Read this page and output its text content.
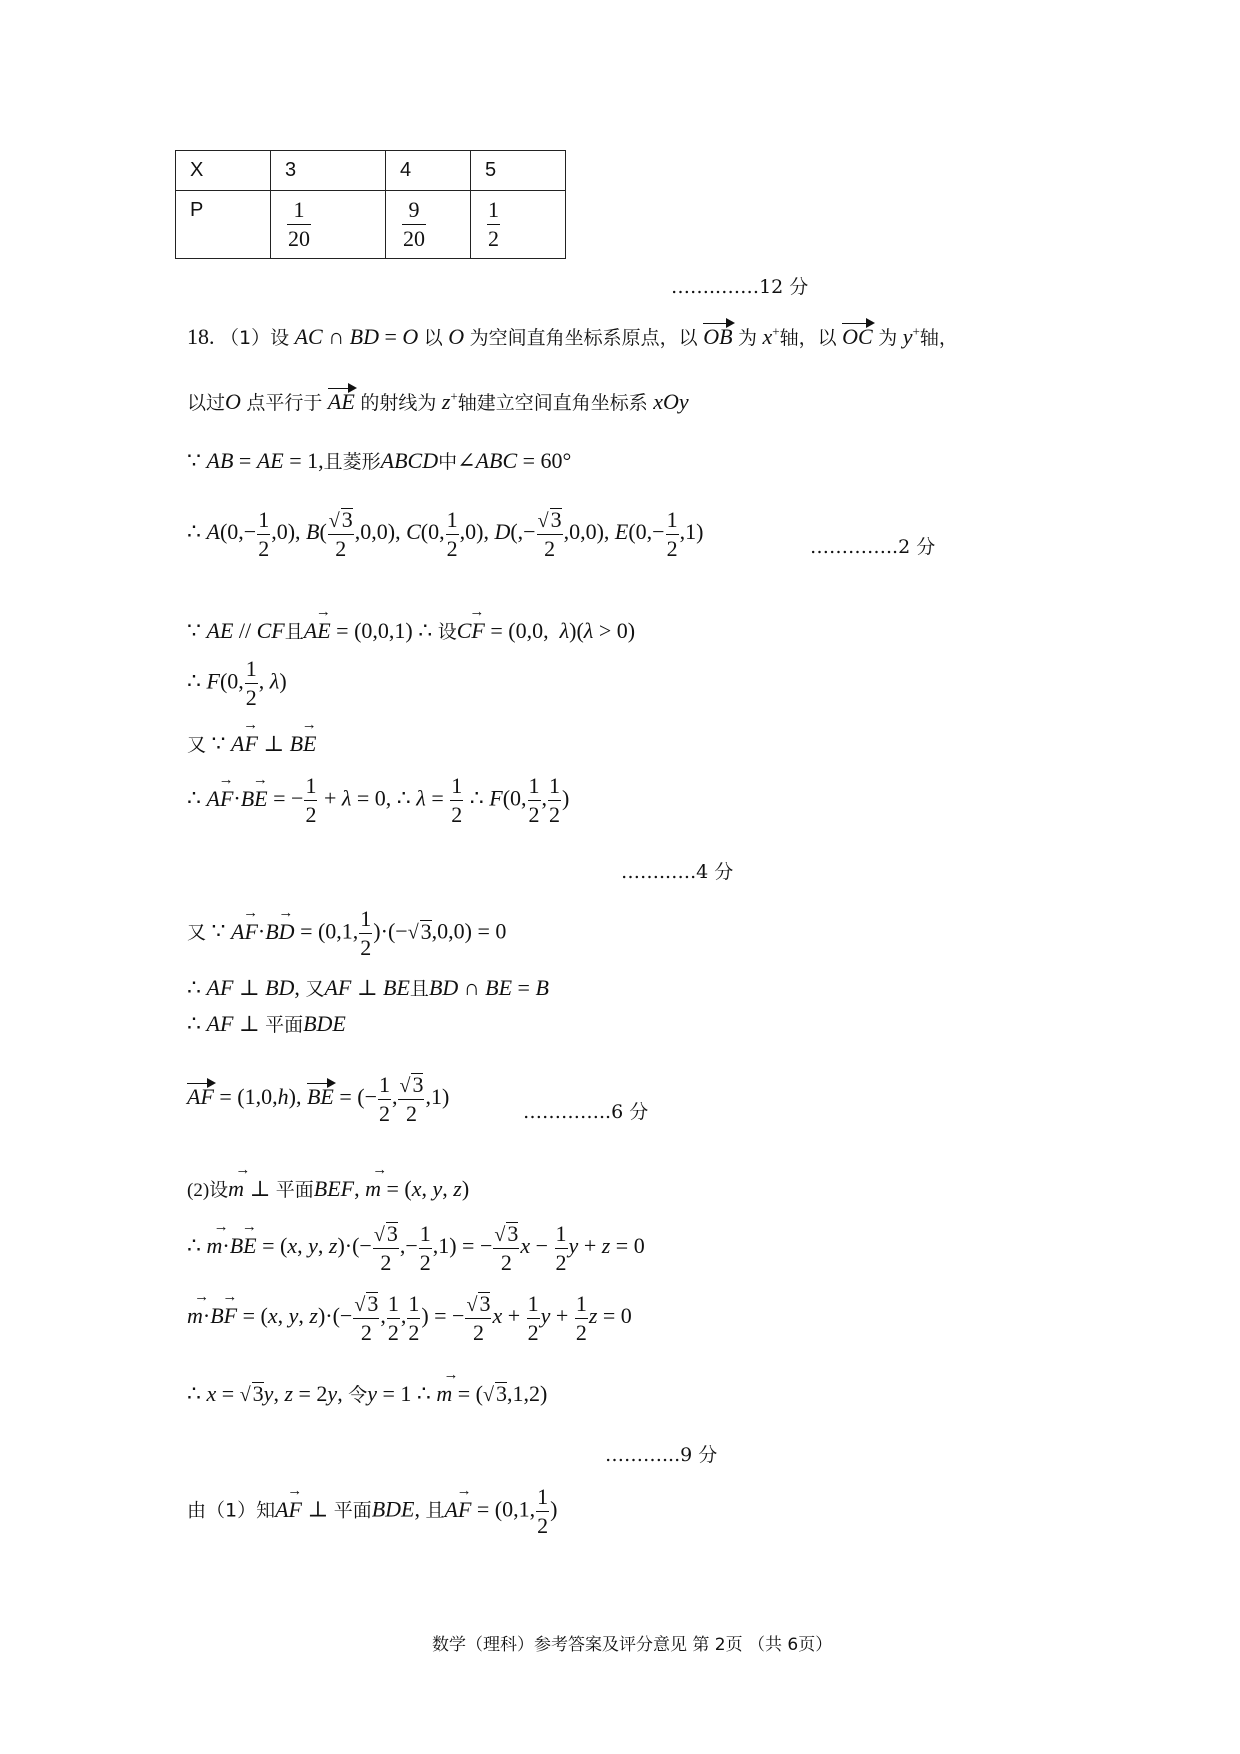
X	3	4	5
P	$\frac{1}{20}$	$\frac{9}{20}$	$\frac{1}{2}$
……..……12 分
18. （1）设 AC ∩ BD = O 以 O 为空间直角坐标系原点，以 OB 为 x+轴，以 OC 为 y+轴，
以过O 点平行于 AE 的射线为 z+轴建立空间直角坐标系 xOy
∵ AB = AE = 1,且菱形ABCD中∠ABC = 60°
∴ $A(0,- \frac{1}{2} ,0)$, $B( \frac{√3}{2} ,0,0)$, C(0, $\frac{1}{2} ,0$), $D(,- \frac{√3}{2} ,0,0)$, $E(0,- \frac{1}{2} ,1)$
…………..2 分
∵ AE // CF且→ AE = (0,0,1) ∴ 设→ CF = (0,0,  λ)(λ > 0)
∴ F(0, $\frac{1}{2}$ , λ)
又 ∵ → AF ⊥ → BE
∴ → AF·→ BE = − $\frac{1}{2} + \lambda = 0$, ∴ $\lambda = \frac{1}{2}$ ∴ F(0, $\frac{1}{2}$ , $\frac{1}{2}$ )
……..….4 分
又 ∵ → AF·→ BD = (0,1, $\frac{1}{2} )\cdot(-√3,0,0) = 0$
∴ AF ⊥ BD, 又AF ⊥ BE且BD ∩ BE = B
∴ AF ⊥ 平面BDE
AF = (1,0,h), BE = (− $\frac{1}{2}$ , $\frac{√3}{2} ,1$)
…………..6 分
(2)设→ m ⊥ 平面BEF, → m = (x, y, z)
∴ → m·→ BE = (x, y, $z)\cdot(- \frac{√3}{2}$ ,− $\frac{1}{2} ,1$) = − $\frac{√3}{2}$ $x - \frac{1}{2}$ y + z = 0
→ m·→ BF = (x, y, $z)\cdot(- \frac{√3}{2}$ , $\frac{1}{2}$ , $\frac{1}{2}$ ) = − $\frac{√3}{2}$ $x + \frac{1}{2}$ $y + \frac{1}{2}$ z = 0
∴ x = √3y, z = 2y, 令y = 1 ∴ → m = (√3,1,2)
………...9 分
由（1）知→ AF ⊥ 平面BDE, 且→ AF = (0,1, $\frac{1}{2}$ )
数学（理科）参考答案及评分意见 第 2页 （共 6页）
